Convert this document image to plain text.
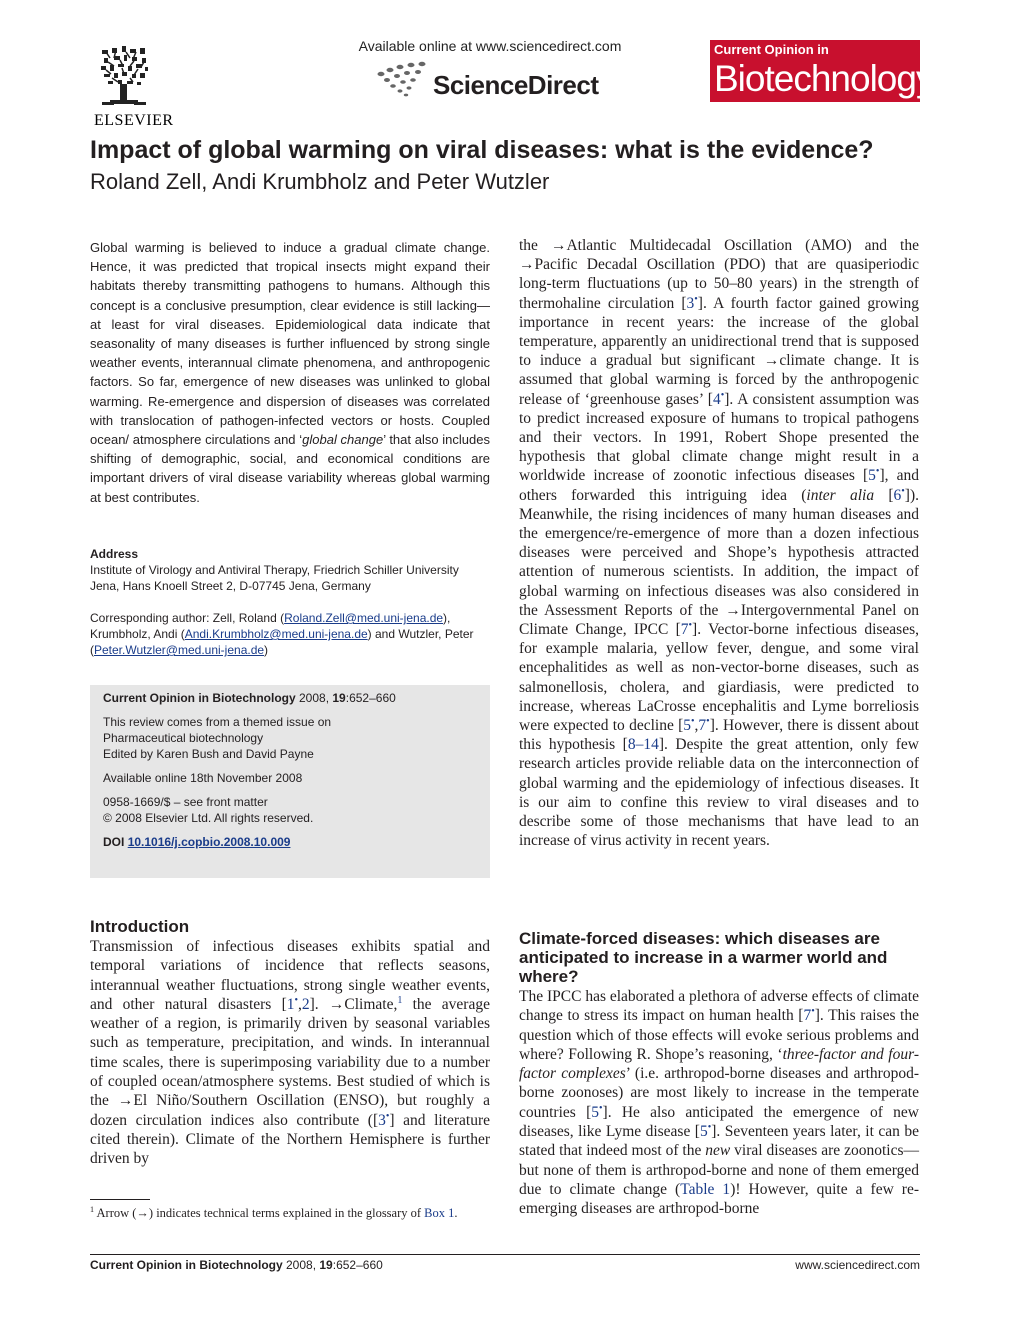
ELSEVIER
Available online at www.sciencedirect.com
ScienceDirect
Current Opinion in
Biotechnology
Impact of global warming on viral diseases: what is the evidence?
Roland Zell, Andi Krumbholz and Peter Wutzler
Global warming is believed to induce a gradual climate change. Hence, it was predicted that tropical insects might expand their habitats thereby transmitting pathogens to humans. Although this concept is a conclusive presumption, clear evidence is still lacking—at least for viral diseases. Epidemiological data indicate that seasonality of many diseases is further influenced by strong single weather events, interannual climate phenomena, and anthropogenic factors. So far, emergence of new diseases was unlinked to global warming. Re-emergence and dispersion of diseases was correlated with translocation of pathogen-infected vectors or hosts. Coupled ocean/ atmosphere circulations and ‘global change’ that also includes shifting of demographic, social, and economical conditions are important drivers of viral disease variability whereas global warming at best contributes.
Address
Institute of Virology and Antiviral Therapy, Friedrich Schiller University
Jena, Hans Knoell Street 2, D-07745 Jena, Germany
Corresponding author: Zell, Roland (Roland.Zell@med.uni-jena.de),
Krumbholz, Andi (Andi.Krumbholz@med.uni-jena.de) and Wutzler, Peter
(Peter.Wutzler@med.uni-jena.de)

Current Opinion in Biotechnology 2008, 19:652–660

This review comes from a themed issue on

Pharmaceutical biotechnology

Edited by Karen Bush and David Payne

Available online 18th November 2008

0958-1669/$ – see front matter

© 2008 Elsevier Ltd. All rights reserved.

DOI 10.1016/j.copbio.2008.10.009

Introduction
Transmission of infectious diseases exhibits spatial and temporal variations of incidence that reflects seasons, interannual weather fluctuations, strong single weather events, and other natural disasters [1•,2]. →Climate,$^1$ the average weather of a region, is primarily driven by seasonal variables such as temperature, precipitation, and winds. In interannual time scales, there is superimposing variability due to a number of coupled ocean/atmosphere systems. Best studied of which is the →El Niño/Southern Oscillation (ENSO), but roughly a dozen circulation indices also contribute ([3•] and literature cited therein). Climate of the Northern Hemisphere is further driven by
$^1$ Arrow (→) indicates technical terms explained in the glossary of Box 1.
the →Atlantic Multidecadal Oscillation (AMO) and the →Pacific Decadal Oscillation (PDO) that are quasiperiodic long-term fluctuations (up to 50–80 years) in the strength of thermohaline circulation [3•]. A fourth factor gained growing importance in recent years: the increase of the global temperature, apparently an unidirectional trend that is supposed to induce a gradual but significant →climate change. It is assumed that global warming is forced by the anthropogenic release of ‘greenhouse gases’ [4•]. A consistent assumption was to predict increased exposure of humans to tropical pathogens and their vectors. In 1991, Robert Shope presented the hypothesis that global climate change might result in a worldwide increase of zoonotic infectious diseases [5•], and others forwarded this intriguing idea (inter alia [6•]). Meanwhile, the rising incidences of many human diseases and the emergence/re-emergence of more than a dozen infectious diseases were perceived and Shope’s hypothesis attracted attention of numerous scientists. In addition, the impact of global warming on infectious diseases was also considered in the Assessment Reports of the →Intergovernmental Panel on Climate Change, IPCC [7•]. Vector-borne infectious diseases, for example malaria, yellow fever, dengue, and some viral encephalitides as well as non-vector-borne diseases, such as salmonellosis, cholera, and giardiasis, were predicted to increase, whereas LaCrosse encephalitis and Lyme borreliosis were expected to decline [5•,7•]. However, there is dissent about this hypothesis [8–14]. Despite the great attention, only few research articles provide reliable data on the interconnection of global warming and the epidemiology of infectious diseases. It is our aim to confine this review to viral diseases and to describe some of those mechanisms that have lead to an increase of virus activity in recent years.
Climate-forced diseases: which diseases are anticipated to increase in a warmer world and where?
The IPCC has elaborated a plethora of adverse effects of climate change to stress its impact on human health [7•]. This raises the question which of those effects will evoke serious problems and where? Following R. Shope’s reasoning, ‘three-factor and four-factor complexes’ (i.e. arthropod-borne diseases and arthropod-borne zoonoses) are most likely to increase in the temperate countries [5•]. He also anticipated the emergence of new diseases, like Lyme disease [5•]. Seventeen years later, it can be stated that indeed most of the new viral diseases are zoonotics—but none of them is arthropod-borne and none of them emerged due to climate change (Table 1)! However, quite a few re-emerging diseases are arthropod-borne
Current Opinion in Biotechnology 2008, 19:652–660	www.sciencedirect.com
